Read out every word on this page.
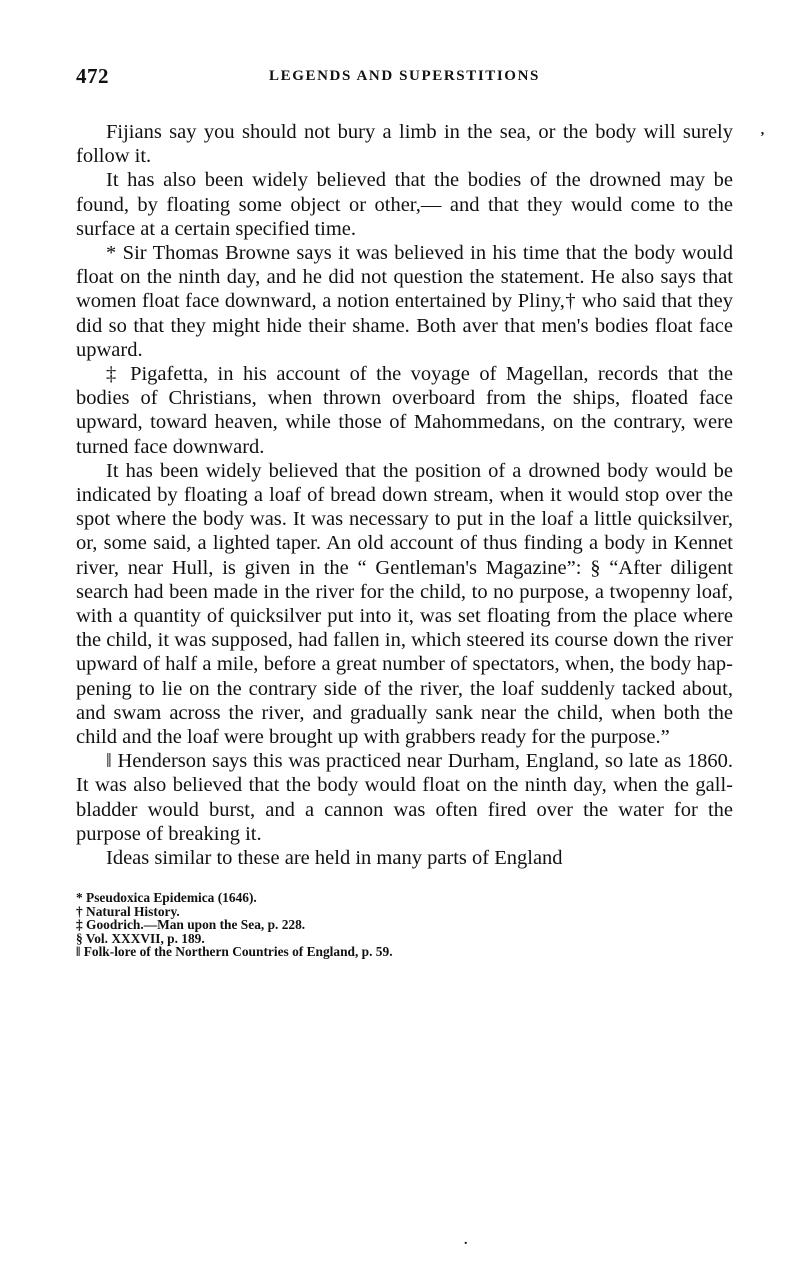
472	LEGENDS AND SUPERSTITIONS

Fijians say you should not bury a limb in the sea, or the body will surely follow it.

It has also been widely believed that the bodies of the drowned may be found, by floating some object or other,— and that they would come to the surface at a certain specified time.

* Sir Thomas Browne says it was believed in his time that the body would float on the ninth day, and he did not question the statement. He also says that women float face downward, a notion entertained by Pliny,† who said that they did so that they might hide their shame. Both aver that men's bodies float face upward.

‡ Pigafetta, in his account of the voyage of Magellan, records that the bodies of Christians, when thrown overboard from the ships, floated face upward, toward heaven, while those of Mahommedans, on the contrary, were turned face downward.

It has been widely believed that the position of a drowned body would be indicated by floating a loaf of bread down stream, when it would stop over the spot where the body was. It was necessary to put in the loaf a little quicksilver, or, some said, a lighted taper. An old account of thus finding a body in Kennet river, near Hull, is given in the “ Gentleman's Magazine”: § “After diligent search had been made in the river for the child, to no purpose, a twopenny loaf, with a quantity of quicksilver put into it, was set floating from the place where the child, it was supposed, had fallen in, which steered its course down the river upward of half a mile, before a great number of spectators, when, the body happening to lie on the contrary side of the river, the loaf suddenly tacked about, and swam across the river, and gradually sank near the child, when both the child and the loaf were brought up with grabbers ready for the purpose.”

‖ Henderson says this was practiced near Durham, England, so late as 1860. It was also believed that the body would float on the ninth day, when the gall-bladder would burst, and a cannon was often fired over the water for the purpose of breaking it.

Ideas similar to these are held in many parts of England

* Pseudoxica Epidemica (1646).

† Natural History.

‡ Goodrich.—Man upon the Sea, p. 228.

§ Vol. XXXVII, p. 189.

‖ Folk-lore of the Northern Countries of England, p. 59.

’
.
